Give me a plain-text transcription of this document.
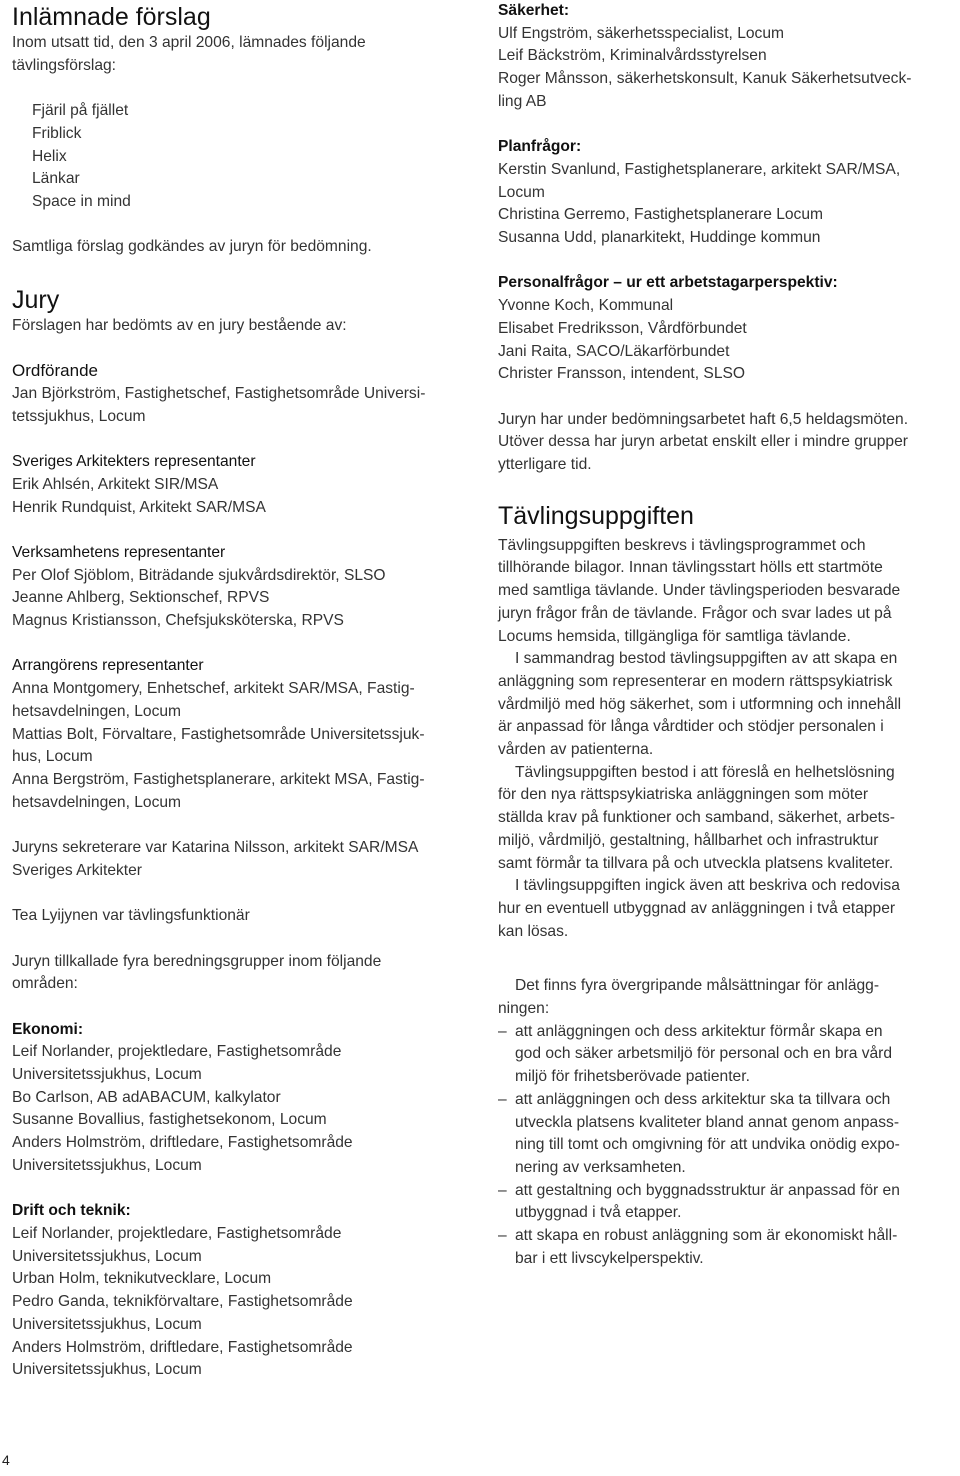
Inlämnade förslag

Inom utsatt tid, den 3 april 2006, lämnades följande
tävlingsförslag:

Fjäril på fjället
Friblick
Helix
Länkar
Space in mind

Samtliga förslag godkändes av juryn för bedömning.

Jury

Förslagen har bedömts av en jury bestående av:

Ordförande

Jan Björkström, Fastighetschef, Fastighetsområde Universi-
tetssjukhus, Locum

Sveriges Arkitekters representanter

Erik Ahlsén, Arkitekt SIR/MSA
Henrik Rundquist, Arkitekt SAR/MSA

Verksamhetens representanter

Per Olof Sjöblom, Biträdande sjukvårdsdirektör, SLSO
Jeanne Ahlberg, Sektionschef, RPVS
Magnus Kristiansson, Chefsjuksköterska, RPVS

Arrangörens representanter

Anna Montgomery, Enhetschef, arkitekt SAR/MSA, Fastig-
hetsavdelningen, Locum
Mattias Bolt, Förvaltare, Fastighetsområde Universitetssjuk-
hus, Locum
Anna Bergström, Fastighetsplanerare, arkitekt MSA, Fastig-
hetsavdelningen, Locum

Juryns sekreterare var Katarina Nilsson, arkitekt SAR/MSA
Sveriges Arkitekter

Tea Lyijynen var tävlingsfunktionär

Juryn tillkallade fyra beredningsgrupper inom följande
områden:

Ekonomi:

Leif Norlander, projektledare, Fastighetsområde
Universitetssjukhus, Locum
Bo Carlson, AB adABACUM, kalkylator
Susanne Bovallius, fastighetsekonom, Locum
Anders Holmström, driftledare, Fastighetsområde
Universitetssjukhus, Locum

Drift och teknik:

Leif Norlander, projektledare, Fastighetsområde
Universitetssjukhus, Locum
Urban Holm, teknikutvecklare, Locum
Pedro Ganda, teknikförvaltare, Fastighetsområde
Universitetssjukhus, Locum
Anders Holmström, driftledare, Fastighetsområde
Universitetssjukhus, Locum

Säkerhet:

Ulf Engström, säkerhetsspecialist, Locum
Leif Bäckström, Kriminalvårdsstyrelsen
Roger Månsson, säkerhetskonsult, Kanuk Säkerhetsutveck-
ling AB

Planfrågor:

Kerstin Svanlund, Fastighetsplanerare, arkitekt SAR/MSA,
Locum
Christina Gerremo, Fastighetsplanerare Locum
Susanna Udd, planarkitekt, Huddinge kommun

Personalfrågor – ur ett arbetstagarperspektiv:

Yvonne Koch, Kommunal
Elisabet Fredriksson, Vårdförbundet
Jani Raita, SACO/Läkarförbundet
Christer Fransson, intendent, SLSO

Juryn har under bedömningsarbetet haft 6,5 heldagsmöten.
Utöver dessa har juryn arbetat enskilt eller i mindre grupper
ytterligare tid.

Tävlingsuppgiften

Tävlingsuppgiften beskrevs i tävlingsprogrammet och
tillhörande bilagor. Innan tävlingsstart hölls ett startmöte
med samtliga tävlande. Under tävlingsperioden besvarade
juryn frågor från de tävlande. Frågor och svar lades ut på
Locums hemsida, tillgängliga för samtliga tävlande.

I sammandrag bestod tävlingsuppgiften av att skapa en
anläggning som representerar en modern rättspsykiatrisk
vårdmiljö med hög säkerhet, som i utformning och innehåll
är anpassad för långa vårdtider och stödjer personalen i
vården av patienterna.

Tävlingsuppgiften bestod i att föreslå en helhetslösning
för den nya rättspsykiatriska anläggningen som möter
ställda krav på funktioner och samband, säkerhet, arbets-
miljö, vårdmiljö, gestaltning, hållbarhet och infrastruktur
samt förmår ta tillvara på och utveckla platsens kvaliteter.

I tävlingsuppgiften ingick även att beskriva och redovisa
hur en eventuell utbyggnad av anläggningen i två etapper
kan lösas.

Det finns fyra övergripande målsättningar för anlägg-
ningen:

– att anläggningen och dess arkitektur förmår skapa en
god och säker arbetsmiljö för personal och en bra vård
miljö för frihetsberövade patienter.
– att anläggningen och dess arkitektur ska ta tillvara och
utveckla platsens kvaliteter bland annat genom anpass-
ning till tomt och omgivning för att undvika onödig expo-
nering av verksamheten.
– att gestaltning och byggnadsstruktur är anpassad för en
utbyggnad i två etapper.
– att skapa en robust anläggning som är ekonomiskt håll-
bar i ett livscykelperspektiv.
4
